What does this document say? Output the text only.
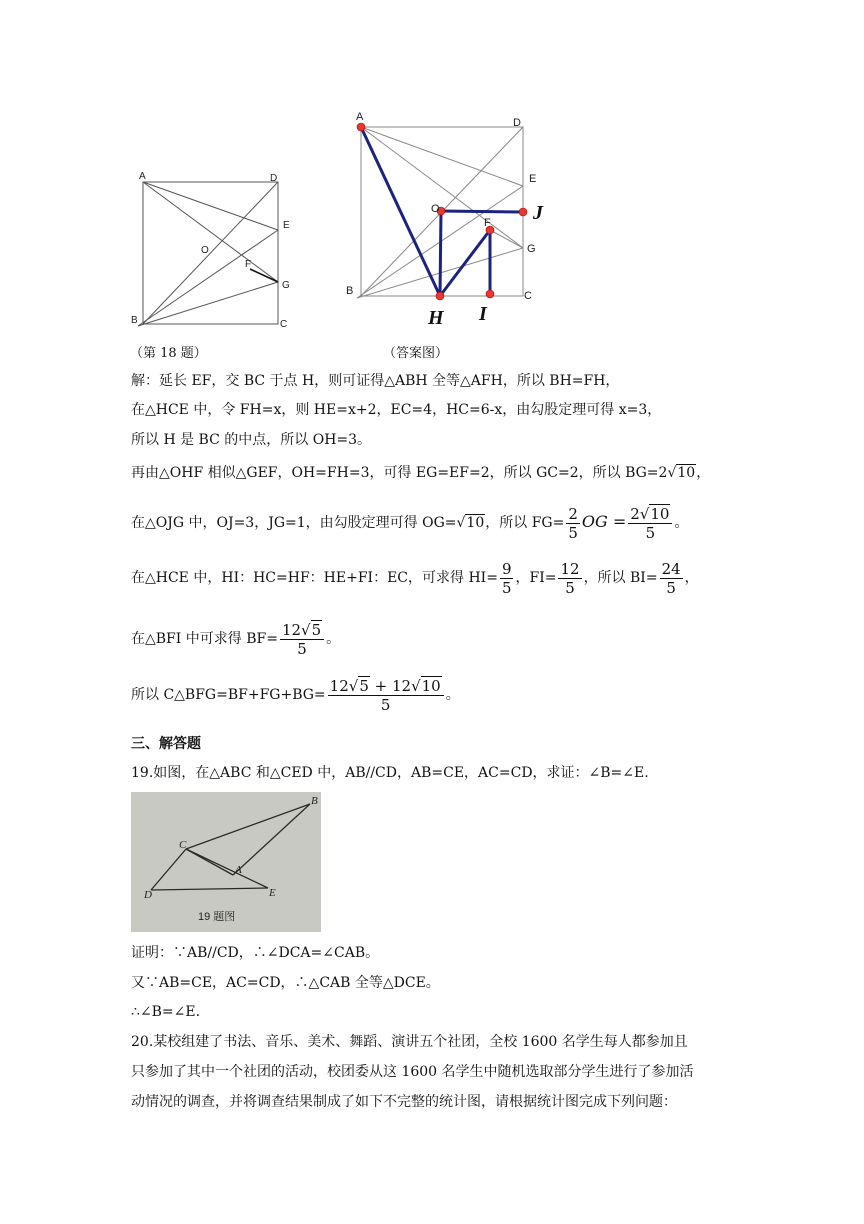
A	D
E
O
F
G
B	C
（第 18 题）
A	D
E
O
F
G
B	C
J
H I
（答案图）
解：延长 EF，交 BC 于点 H，则可证得△ABH 全等△AFH，所以 BH=FH，
在△HCE 中，令 FH=x，则 HE=x+2，EC=4，HC=6-x，由勾股定理可得 x=3，
所以 H 是 BC 的中点，所以 OH=3。
再由△OHF 相似△GEF，OH=FH=3，可得 EG=EF=2，所以 GC=2，所以 BG=2√10，
在△OJG 中，OJ=3，JG=1，由勾股定理可得 OG=√10，所以 $FG= \frac{2}{5}$ OG = $\frac{2√10}{5}$ 。
在△HCE 中，HI：HC=HF：HE+FI：EC，可求得 $HI= \frac{9}{5}$ ，$FI= \frac{12}{5}$ ，所以 $BI= \frac{24}{5}$ ，
在△BFI 中可求得 $BF= \frac{12√5}{5}$ 。
所以 C△BFG=BF+FG+BG= $\frac{12√5 + 12√10}{5}$ 。
三、解答题
19.如图，在△ABC 和△CED 中，AB//CD，AB=CE，AC=CD，求证：∠B=∠E.
B
C
A
D	E
19 题图
证明：∵AB//CD，∴∠DCA=∠CAB。
又∵AB=CE，AC=CD，∴△CAB 全等△DCE。
∴∠B=∠E.
20.某校组建了书法、音乐、美术、舞蹈、演讲五个社团，全校 1600 名学生每人都参加且
只参加了其中一个社团的活动，校团委从这 1600 名学生中随机选取部分学生进行了参加活
动情况的调查，并将调查结果制成了如下不完整的统计图，请根据统计图完成下列问题：
